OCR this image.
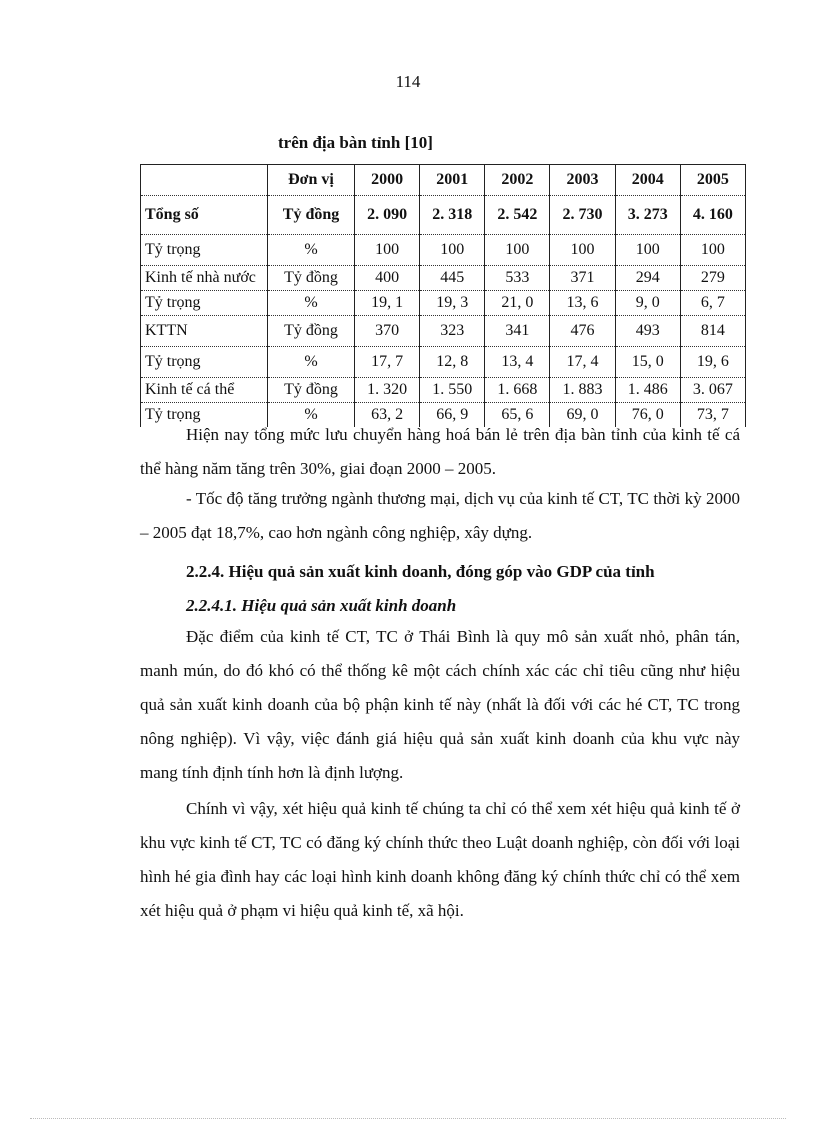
114
trên địa bàn tỉnh [10]
	Đơn vị	2000	2001	2002	2003	2004	2005
Tổng số	Tỷ đồng	2. 090	2. 318	2. 542	2. 730	3. 273	4. 160
Tỷ trọng	%	100	100	100	100	100	100
Kinh tế nhà nước	Tỷ đồng	400	445	533	371	294	279
Tỷ trọng	%	19, 1	19, 3	21, 0	13, 6	9, 0	6, 7
KTTN	Tỷ đồng	370	323	341	476	493	814
Tỷ trọng	%	17, 7	12, 8	13, 4	17, 4	15, 0	19, 6
Kinh tế cá thể	Tỷ đồng	1. 320	1. 550	1. 668	1. 883	1. 486	3. 067
Tỷ trọng	%	63, 2	66, 9	65, 6	69, 0	76, 0	73, 7

Hiện nay tổng mức lưu chuyển hàng hoá bán lẻ trên địa bàn tỉnh của kinh tế cá thể hàng năm tăng trên 30%, giai đoạn 2000 – 2005.

- Tốc độ tăng trưởng ngành thương mại, dịch vụ của kinh tế CT, TC thời kỳ 2000 – 2005 đạt 18,7%, cao hơn ngành công nghiệp, xây dựng.

2.2.4. Hiệu quả sản xuất kinh doanh, đóng góp vào GDP của tỉnh

2.2.4.1. Hiệu quả sản xuất kinh doanh

Đặc điểm của kinh tế CT, TC ở Thái Bình là quy mô sản xuất nhỏ, phân tán, manh mún, do đó khó có thể thống kê một cách chính xác các chỉ tiêu cũng như hiệu quả sản xuất kinh doanh của bộ phận kinh tế này (nhất là đối với các hé CT, TC trong nông nghiệp). Vì vậy, việc đánh giá hiệu quả sản xuất kinh doanh của khu vực này mang tính định tính hơn là định lượng.

Chính vì vậy, xét hiệu quả kinh tế chúng ta chỉ có thể xem xét hiệu quả kinh tế ở khu vực kinh tế CT, TC có đăng ký chính thức theo Luật doanh nghiệp, còn đối với loại hình hé gia đình hay các loại hình kinh doanh không đăng ký chính thức chỉ có thể xem xét hiệu quả ở phạm vi hiệu quả kinh tế, xã hội.
